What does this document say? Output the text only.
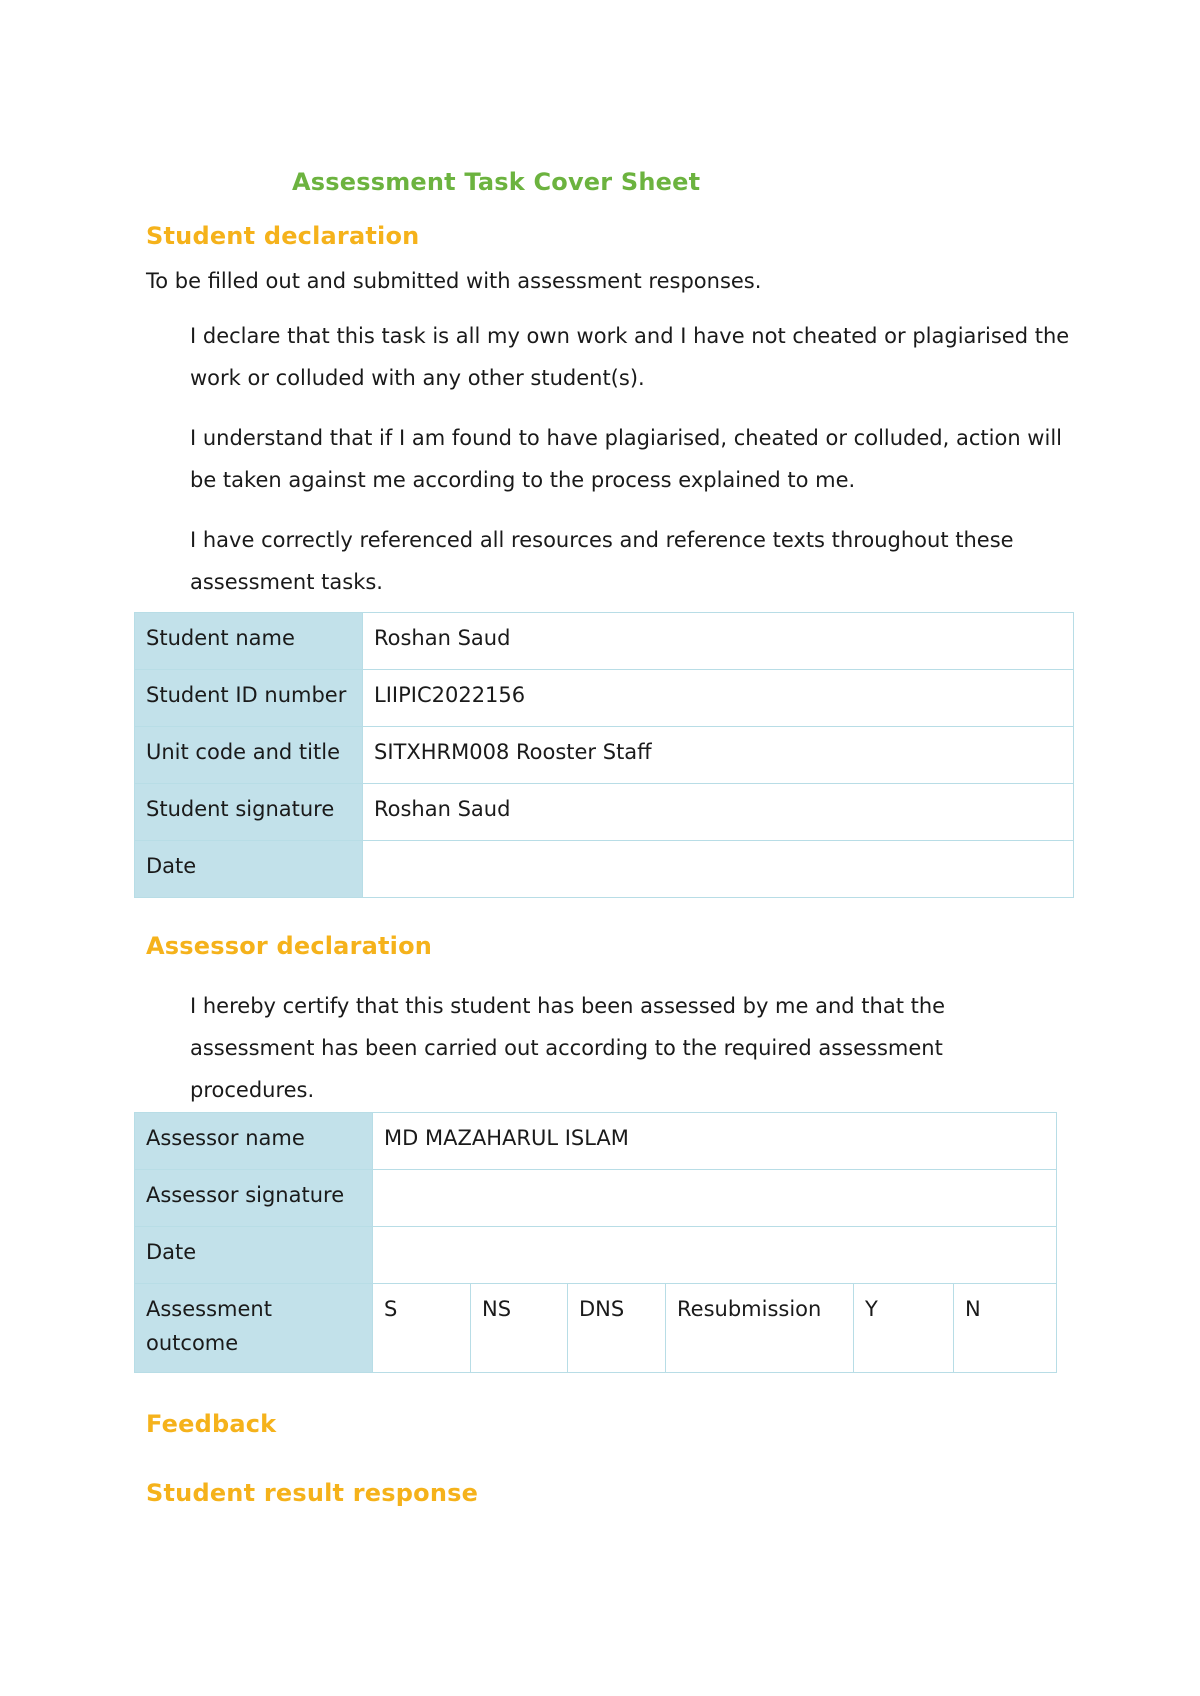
Assessment Task Cover Sheet
Student declaration
To be filled out and submitted with assessment responses.
I declare that this task is all my own work and I have not cheated or plagiarised the work or colluded with any other student(s).
I understand that if I am found to have plagiarised, cheated or colluded, action will be taken against me according to the process explained to me.
I have correctly referenced all resources and reference texts throughout these assessment tasks.
Student name	Roshan Saud
Student ID number	LIIPIC2022156
Unit code and title	SITXHRM008 Rooster Staff
Student signature	Roshan Saud
Date	
Assessor declaration
I hereby certify that this student has been assessed by me and that the assessment has been carried out according to the required assessment procedures.
Assessor name	MD MAZAHARUL ISLAM					
Assessor signature						
Date						
Assessment outcome	S	NS	DNS	Resubmission	Y	N
Feedback
Student result response
